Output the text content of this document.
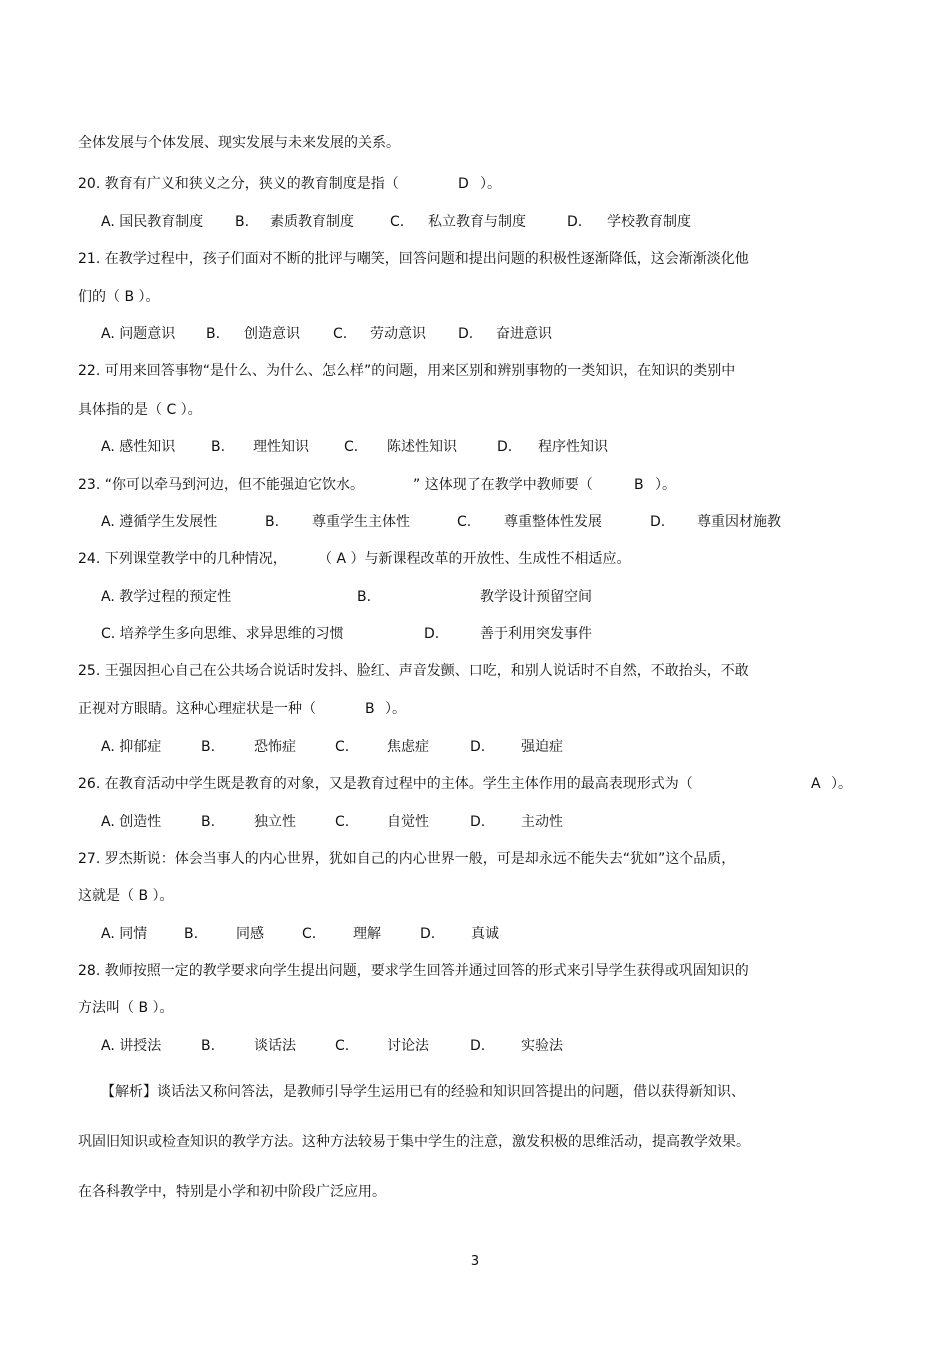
全体发展与个体发展、现实发展与未来发展的关系。
20. 教育有广义和狭义之分，狭义的教育制度是指（	D ）。
A. 国民教育制度 B. 素质教育制度	C. 私立教育与制度	D. 学校教育制度
21. 在教学过程中，孩子们面对不断的批评与嘲笑，回答问题和提出问题的积极性逐渐降低，这会渐渐淡化他
们的（ B ）。
A. 问题意识 B. 创造意识 C. 劳动意识 D. 奋进意识
22. 可用来回答事物“是什么、为什么、怎么样”的问题，用来区别和辨别事物的一类知识，在知识的类别中
具体指的是（ C ）。
A. 感性知识	B. 理性知识	C. 陈述性知识	D. 程序性知识
23. “你可以牵马到河边，但不能强迫它饮水。	” 这体现了在教学中教师要（	B ）。
A. 遵循学生发展性	B. 尊重学生主体性	C. 尊重整体性发展	D. 尊重因材施教
24. 下列课堂教学中的几种情况， （ A ）与新课程改革的开放性、生成性不相适应。
A. 教学过程的预定性	B.	教学设计预留空间
C. 培养学生多向思维、求异思维的习惯	D.	善于利用突发事件
25. 王强因担心自己在公共场合说话时发抖、脸红、声音发颤、口吃，和别人说话时不自然，不敢抬头，不敢
正视对方眼睛。这种心理症状是一种（	B ）。
A. 抑郁症	B.	恐怖症	C.	焦虑症	D.	强迫症
26. 在教育活动中学生既是教育的对象，又是教育过程中的主体。学生主体作用的最高表现形式为（	A ）。
A. 创造性	B.	独立性	C.	自觉性	D.	主动性
27. 罗杰斯说：体会当事人的内心世界，犹如自己的内心世界一般，可是却永远不能失去“犹如”这个品质，
这就是（ B ）。
A. 同情	B.	同感	C.	理解	D.	真诚
28. 教师按照一定的教学要求向学生提出问题，要求学生回答并通过回答的形式来引导学生获得或巩固知识的
方法叫（ B ）。
A. 讲授法	B.	谈话法	C.	讨论法	D.	实验法
【解析】谈话法又称问答法，是教师引导学生运用已有的经验和知识回答提出的问题，借以获得新知识、
巩固旧知识或检查知识的教学方法。这种方法较易于集中学生的注意，激发积极的思维活动，提高教学效果。
在各科教学中，特别是小学和初中阶段广泛应用。
3
